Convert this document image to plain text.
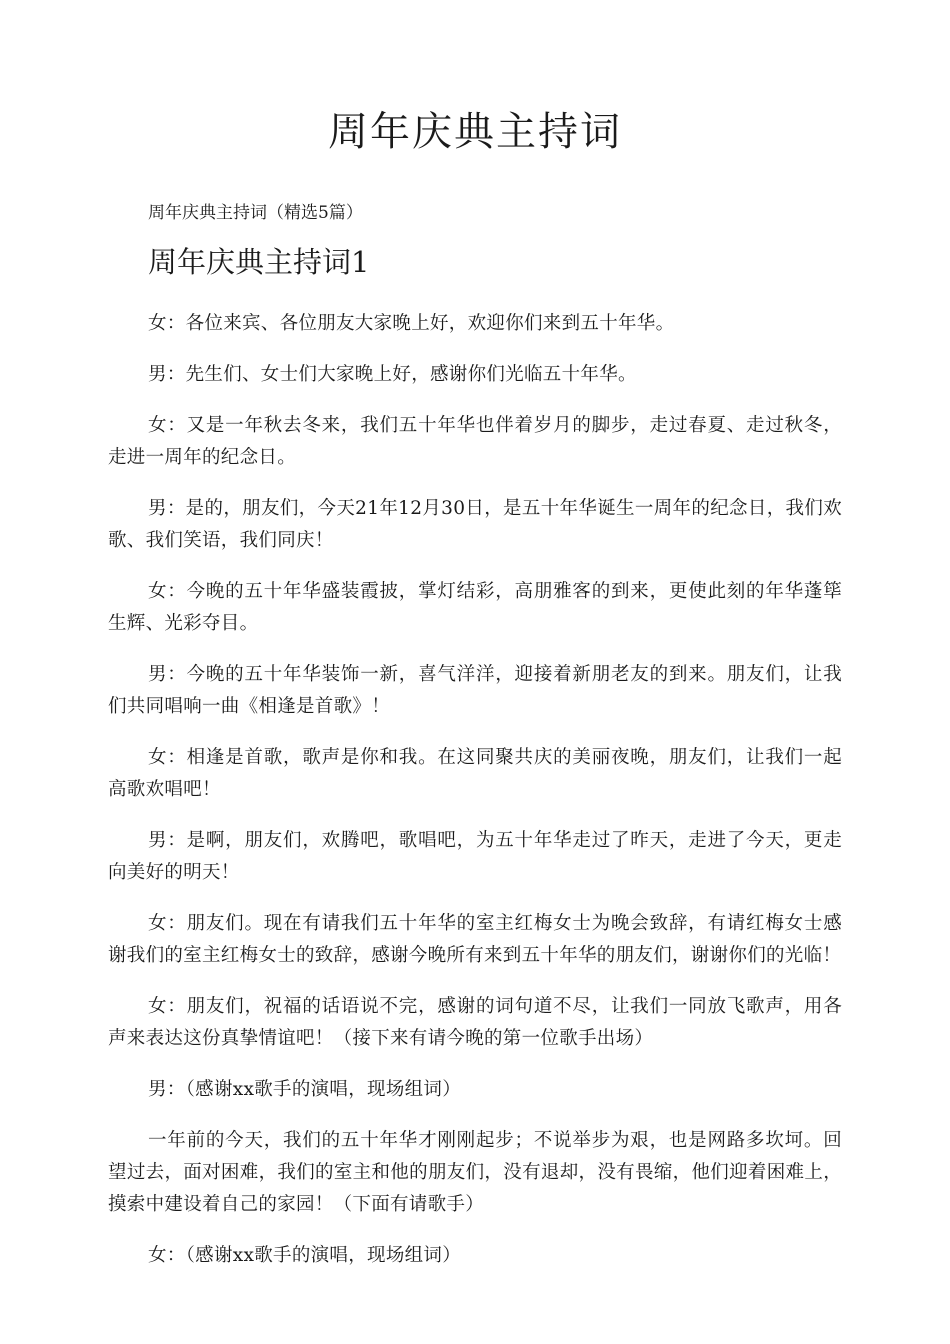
周年庆典主持词

周年庆典主持词（精选5篇）

周年庆典主持词1

女：各位来宾、各位朋友大家晚上好，欢迎你们来到五十年华。

男：先生们、女士们大家晚上好，感谢你们光临五十年华。

女：又是一年秋去冬来，我们五十年华也伴着岁月的脚步，走过春夏、走过秋冬，走进一周年的纪念日。

男：是的，朋友们，今天21年12月30日，是五十年华诞生一周年的纪念日，我们欢歌、我们笑语，我们同庆！

女：今晚的五十年华盛装霞披，掌灯结彩，高朋雅客的到来，更使此刻的年华蓬筚生辉、光彩夺目。

男：今晚的五十年华装饰一新，喜气洋洋，迎接着新朋老友的到来。朋友们，让我们共同唱响一曲《相逢是首歌》！

女：相逢是首歌，歌声是你和我。在这同聚共庆的美丽夜晚，朋友们，让我们一起高歌欢唱吧！

男：是啊，朋友们，欢腾吧，歌唱吧，为五十年华走过了昨天，走进了今天，更走向美好的明天！

女：朋友们。现在有请我们五十年华的室主红梅女士为晚会致辞，有请红梅女士感谢我们的室主红梅女士的致辞，感谢今晚所有来到五十年华的朋友们，谢谢你们的光临！

女：朋友们，祝福的话语说不完，感谢的词句道不尽，让我们一同放飞歌声，用各声来表达这份真挚情谊吧！（接下来有请今晚的第一位歌手出场）

男：（感谢xx歌手的演唱，现场组词）

一年前的今天，我们的五十年华才刚刚起步；不说举步为艰，也是网路多坎坷。回望过去，面对困难，我们的室主和他的朋友们，没有退却，没有畏缩，他们迎着困难上，摸索中建设着自己的家园！（下面有请歌手）

女：（感谢xx歌手的演唱，现场组词）
